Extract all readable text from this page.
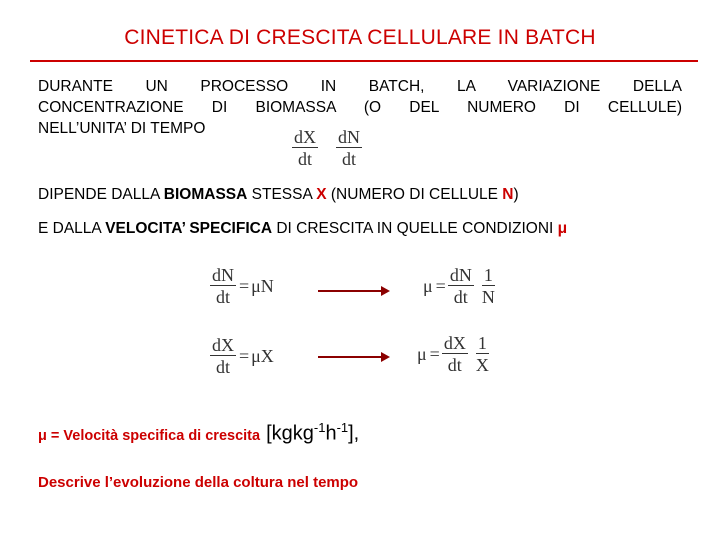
CINETICA DI CRESCITA CELLULARE IN BATCH
DURANTE UN PROCESSO IN BATCH, LA VARIAZIONE DELLA
CONCENTRAZIONE DI BIOMASSA (O DEL NUMERO DI CELLULE)
NELL’UNITA’ DI TEMPO	$\frac{dX}{dt} \frac{dN}{dt}$
DIPENDE DALLA BIOMASSA STESSA X (NUMERO DI CELLULE N)
E DALLA VELOCITA’ SPECIFICA DI CRESCITA IN QUELLE CONDIZIONI μ
$\frac{dN}{dt} = \mu N$	$\mu = \frac{dN}{dt} \frac{1}{N}$
$\frac{dX}{dt} = \mu X$	$\mu = \frac{dX}{dt} \frac{1}{X}$
μ = Velocità specifica di crescita $[kgkg^{-1}h^{-1}]$,
Descrive l’evoluzione della coltura nel tempo
